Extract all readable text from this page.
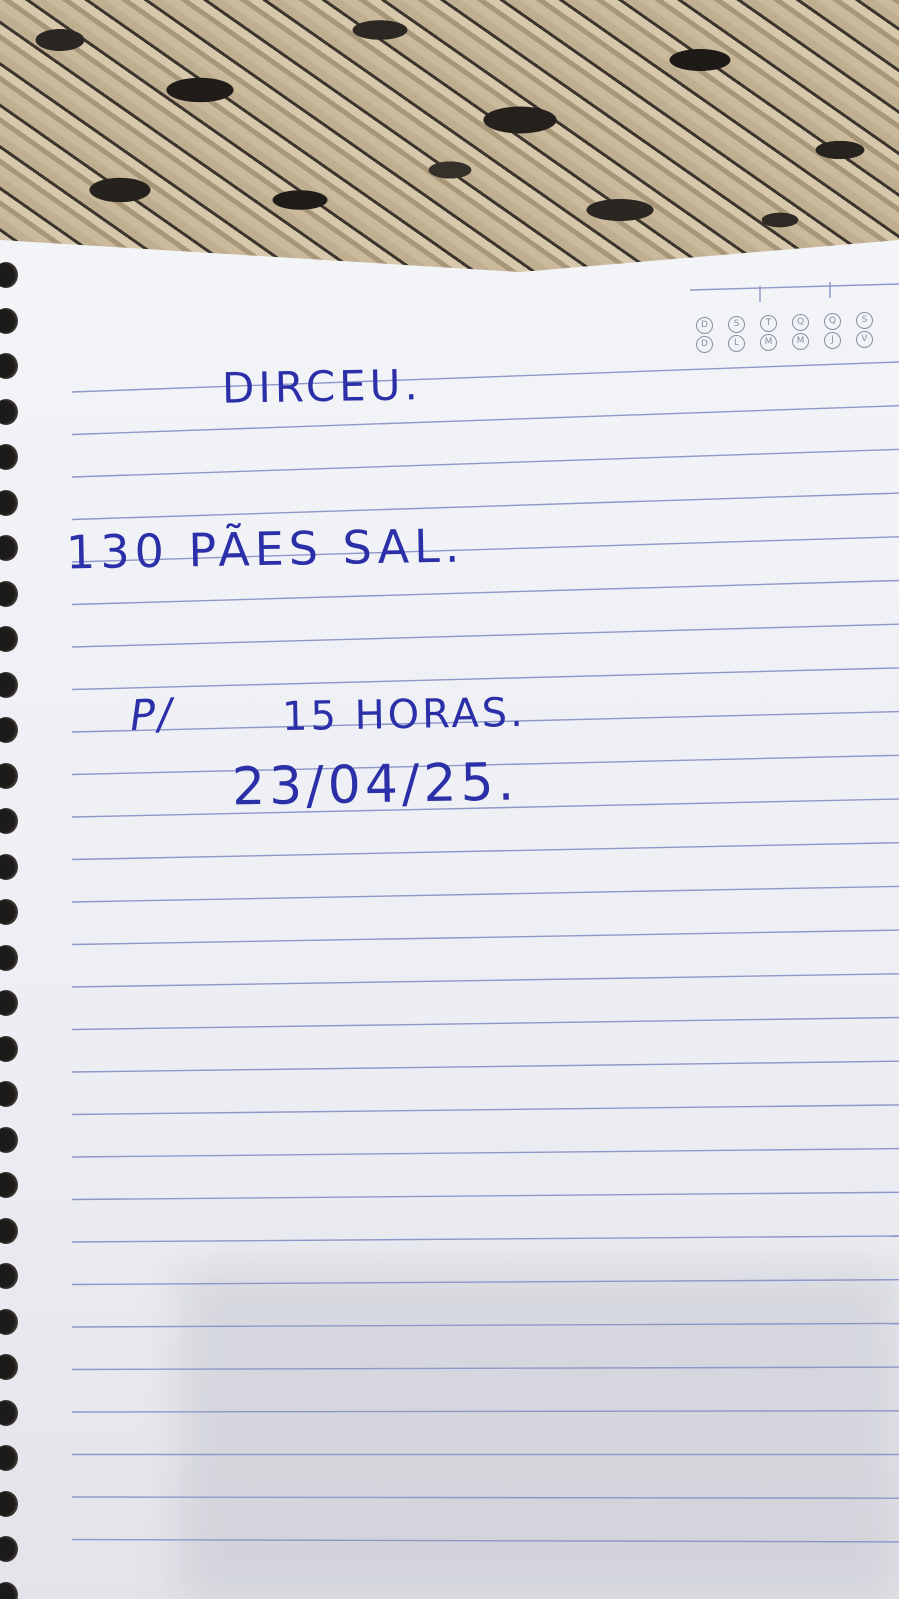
D	S	T	Q	Q	S
D	L	M	M	J	V
DIRCEU.
130 PÃES SAL.
P/	15 HORAS.
23/04/25.
